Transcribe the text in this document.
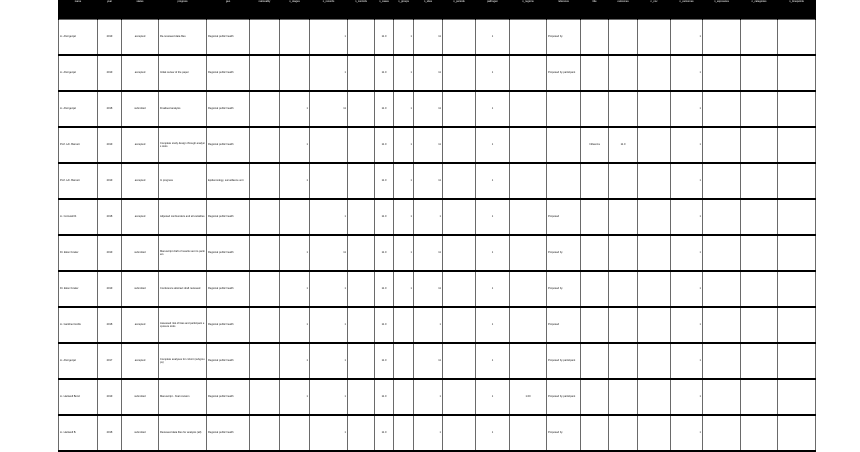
name	year	status	progress	geo	nationality	n_stages	n_records	n_controls	n_cases	n_groups	n_sites	n_periods	pathogen	n_regions	reference	title	outcomes	n_cov	n_outcomes	n_exposures	n_categories	n_timepoints		
Lt. Ahorgenjel	2019	accepted	Re-reviewed data files	Regional public health			1		11.0	1	11		1		Proposed by				1					
Lt. Ahorgenjel	2019	accepted	Initial review of the paper	Regional public health			1		11.0	1	11		1		Proposed by participant				1					
Lt. Ahorgenjel	2018	submitted	Finalised analysis	Regional public health		1	11		11.0	1	11		1						1					
Prof. Ldr. Barnett	2019	accepted	Complete study design through analysis tools	Regional public health		1			11.0	1	11		1			Influenza	11.0		1					
Prof. Ldr. Barnett	2019	accepted	In progress	Epidemiology, surveillance unit		1			11.0	1	11		1						1					
Lt. Cornwell R.	2018	accepted	Adjusted confounders and all variables	Regional public health			1		11.0	1	1		1		Proposed				1					
Dr. Ekon Fowler	2019	submitted	Manuscript draft of results sent to partners	Regional public health		1	11		11.0	1	11		1		Proposed by				1					
Dr. Ekon Fowler	2019	submitted	Conference abstract draft reviewed	Regional public health		1	1		11.0	1	11		1		Proposed by				1					
Lt. Gardiner Hollis	2018	accepted	Assessed risk of bias and participant exposure tools	Regional public health		1	1		11.0		1		1		Proposed				1					
Lt. Ahorgenjel	2017	accepted	Complete analyses for cohort (subgroups)	Regional public health		1	1		11.0		11		1		Proposed by participant				1					
Lt. Hartwell Bond	2019	submitted	Manuscript - final revision	Regional public health		1	1		11.0		1		1	1.00	Proposed by participant				1					
Lt. Hartwell B.	2018	submitted	Reviewed data files for analysis (all)	Regional public health			1		11.0		1		1		Proposed by				1					
